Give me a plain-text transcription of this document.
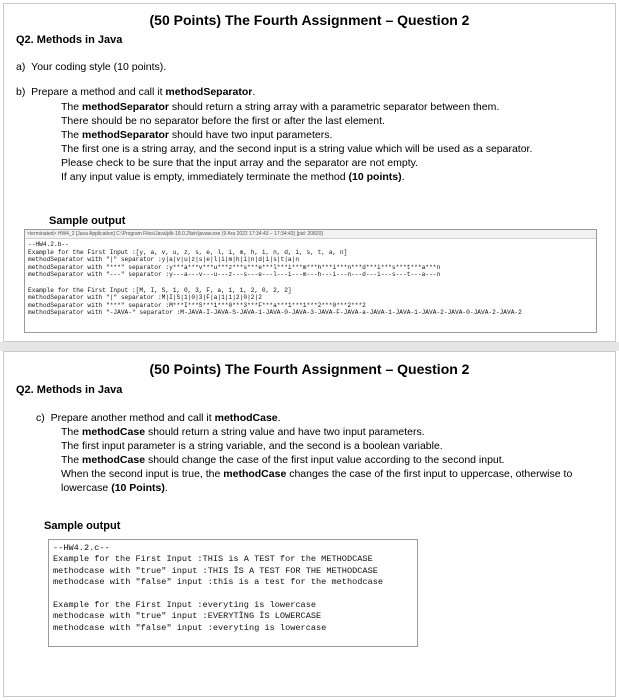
(50 Points) The Fourth Assignment – Question 2
Q2. Methods in Java
a)  Your coding style (10 points).
b)  Prepare a method and call it methodSeparator.
The methodSeparator should return a string array with a parametric separator between them.
There should be no separator before the first or after the last element.
The methodSeparator should have two input parameters.
The first one is a string array, and the second input is a string value which will be used as a separator.
Please check to be sure that the input array and the separator are not empty.
If any input value is empty, immediately terminate the method (10 points).
Sample output
<terminated> HW4_2 [Java Application] C:\Program Files\Java\jdk-18.0.2\bin\javaw.exe (9 Ara 2022 17:34:43 – 17:34:43) [pid: 20820]
--HW4.2.b--
Example for the First Input :[y, a, v, u, z, s, e, l, i, m, h, i, n, d, i, s, t, a, n]
methodSeparator with "|" separator :y|a|v|u|z|s|e|l|i|m|h|i|n|d|i|s|t|a|n
methodSeparator with "***" separator :y***a***v***u***z***s***e***l***i***m***h***i***n***d***i***s***t***a***n
methodSeparator with "---" separator :y---a---v---u---z---s---e---l---i---m---h---i---n---d---i---s---t---a---n
Example for the First Input :[M, I, S, 1, 0, 3, F, a, 1, 1, 2, 0, 2, 2]
methodSeparator with "|" separator :M|I|S|1|0|3|F|a|1|1|2|0|2|2
methodSeparator with "***" separator :M***I***S***1***0***3***F***a***1***1***2***0***2***2
methodSeparator with "-JAVA-" separator :M-JAVA-I-JAVA-S-JAVA-1-JAVA-0-JAVA-3-JAVA-F-JAVA-a-JAVA-1-JAVA-1-JAVA-2-JAVA-0-JAVA-2-JAVA-2
(50 Points) The Fourth Assignment – Question 2
Q2. Methods in Java
c)  Prepare another method and call it methodCase.
The methodCase should return a string value and have two input parameters.
The first input parameter is a string variable, and the second is a boolean variable.
The methodCase should change the case of the first input value according to the second input.
When the second input is true, the methodCase changes the case of the first input to uppercase, otherwise to
lowercase (10 Points).
Sample output
--HW4.2.c--
Example for the First Input :THIS is A TEST for the METHODCASE
methodcase with "true" input :THIS ĪS A TEST FOR THE METHODCASE
methodcase with "false" input :thīs is a test for the methodcase
Example for the First Input :everyting is lowercase
methodcase with "true" input :EVERYTĪNG ĪS LOWERCASE
methodcase with "false" input :everyting is lowercase
